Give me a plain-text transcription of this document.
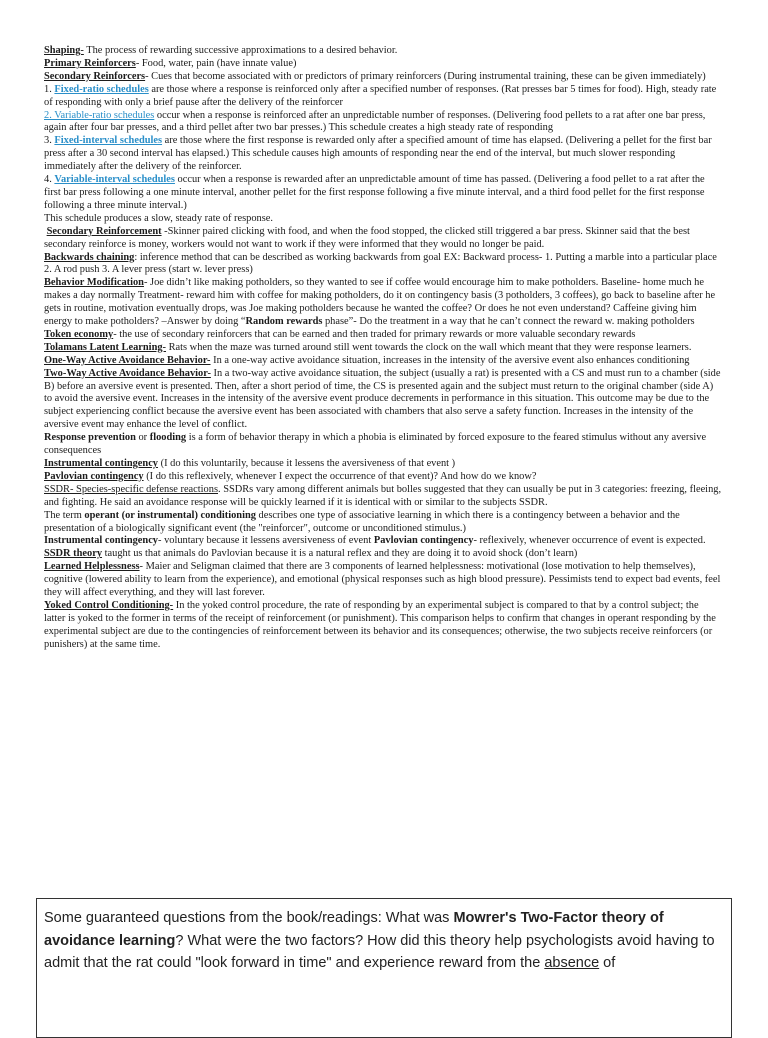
Shaping- The process of rewarding successive approximations to a desired behavior.

Primary Reinforcers- Food, water, pain (have innate value)

Secondary Reinforcers- Cues that become associated with or predictors of primary reinforcers (During instrumental training, these can be given immediately)

1. Fixed-ratio schedules are those where a response is reinforced only after a specified number of responses. (Rat presses bar 5 times for food). High, steady rate of responding with only a brief pause after the delivery of the reinforcer

2. Variable-ratio schedules occur when a response is reinforced after an unpredictable number of responses. (Delivering food pellets to a rat after one bar press, again after four bar presses, and a third pellet after two bar presses.) This schedule creates a high steady rate of responding

3. Fixed-interval schedules are those where the first response is rewarded only after a specified amount of time has elapsed. (Delivering a pellet for the first bar press after a 30 second interval has elapsed.) This schedule causes high amounts of responding near the end of the interval, but much slower responding immediately after the delivery of the reinforcer.

4. Variable-interval schedules occur when a response is rewarded after an unpredictable amount of time has passed. (Delivering a food pellet to a rat after the first bar press following a one minute interval, another pellet for the first response following a five minute interval, and a third food pellet for the first response following a three minute interval.)

This schedule produces a slow, steady rate of response.

Secondary Reinforcement -Skinner paired clicking with food, and when the food stopped, the clicked still triggered a bar press. Skinner said that the best secondary reinforce is money, workers would not want to work if they were informed that they would no longer be paid.

Backwards chaining: inference method that can be described as working backwards from goal EX: Backward process- 1. Putting a marble into a particular place 2. A rod push 3. A lever press (start w. lever press)

Behavior Modification- Joe didn’t like making potholders, so they wanted to see if coffee would encourage him to make potholders. Baseline- home much he makes a day normally Treatment- reward him with coffee for making potholders, do it on contingency basis (3 potholders, 3 coffees), go back to baseline after he gets in routine, motivation eventually drops, was Joe making potholders because he wanted the coffee? Or does he not even understand? Caffeine giving him energy to make potholders? –Answer by doing “Random rewards phase”- Do the treatment in a way that he can’t connect the reward w. making potholders

Token economy- the use of secondary reinforcers that can be earned and then traded for primary rewards or more valuable secondary rewards

Tolamans Latent Learning- Rats when the maze was turned around still went towards the clock on the wall which meant that they were response learners.

One-Way Active Avoidance Behavior- In a one-way active avoidance situation, increases in the intensity of the aversive event also enhances conditioning

Two-Way Active Avoidance Behavior- In a two-way active avoidance situation, the subject (usually a rat) is presented with a CS and must run to a chamber (side B) before an aversive event is presented. Then, after a short period of time, the CS is presented again and the subject must return to the original chamber (side A) to avoid the aversive event. Increases in the intensity of the aversive event produce decrements in performance in this situation. This outcome may be due to the subject experiencing conflict because the aversive event has been associated with chambers that also serve a safety function. Increases in the intensity of the aversive event may enhance the level of conflict.

Response prevention or flooding is a form of behavior therapy in which a phobia is eliminated by forced exposure to the feared stimulus without any aversive consequences

Instrumental contingency (I do this voluntarily, because it lessens the aversiveness of that event )

Pavlovian contingency (I do this reflexively, whenever I expect the occurrence of that event)? And how do we know?

SSDR- Species-specific defense reactions. SSDRs vary among different animals but bolles suggested that they can usually be put in 3 categories: freezing, fleeing, and fighting. He said an avoidance response will be quickly learned if it is identical with or similar to the subjects SSDR.

The term operant (or instrumental) conditioning describes one type of associative learning in which there is a contingency between a behavior and the presentation of a biologically significant event (the "reinforcer", outcome or unconditioned stimulus.)

Instrumental contingency- voluntary because it lessens aversiveness of event Pavlovian contingency- reflexively, whenever occurrence of event is expected.

SSDR theory taught us that animals do Pavlovian because it is a natural reflex and they are doing it to avoid shock (don’t learn)

Learned Helplessness- Maier and Seligman claimed that there are 3 components of learned helplessness: motivational (lose motivation to help themselves), cognitive (lowered ability to learn from the experience), and emotional (physical responses such as high blood pressure). Pessimists tend to expect bad events, feel they will affect everything, and they will last forever.

Yoked Control Conditioning- In the yoked control procedure, the rate of responding by an experimental subject is compared to that by a control subject; the latter is yoked to the former in terms of the receipt of reinforcement (or punishment). This comparison helps to confirm that changes in operant responding by the experimental subject are due to the contingencies of reinforcement between its behavior and its consequences; otherwise, the two subjects receive reinforcers (or punishers) at the same time.

Some guaranteed questions from the book/readings: What was Mowrer's Two-Factor theory of avoidance learning? What were the two factors? How did this theory help psychologists avoid having to admit that the rat could "look forward in time" and experience reward from the absence of
